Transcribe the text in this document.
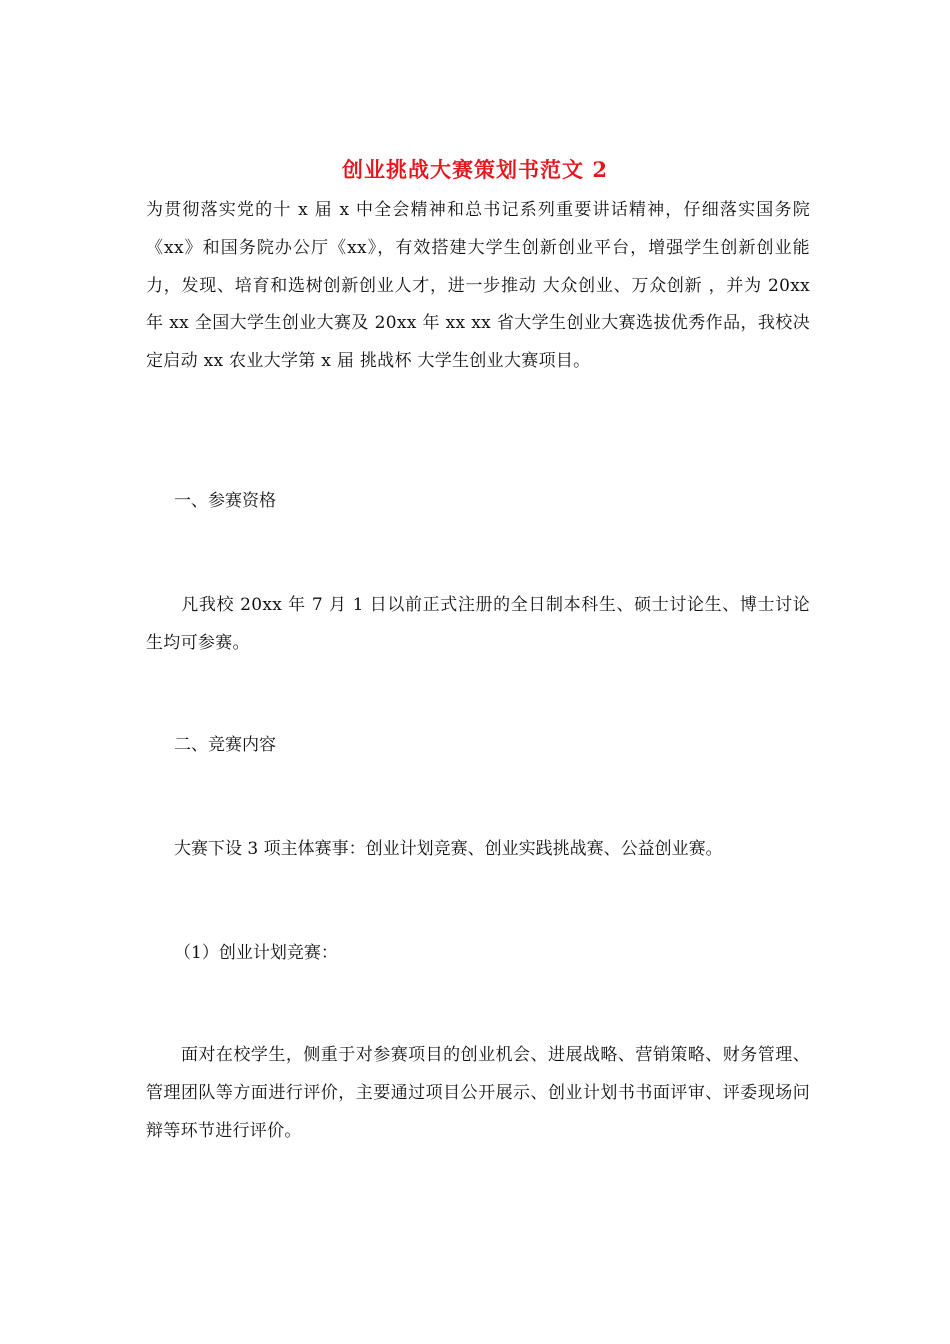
创业挑战大赛策划书范文 2

为贯彻落实党的十 x 届 x 中全会精神和总书记系列重要讲话精神，仔细落实国务院《xx》和国务院办公厅《xx》，有效搭建大学生创新创业平台，增强学生创新创业能力，发现、培育和选树创新创业人才，进一步推动 大众创业、万众创新 ，并为 20xx 年 xx 全国大学生创业大赛及 20xx 年 xx xx 省大学生创业大赛选拔优秀作品，我校决定启动 xx 农业大学第 x 届 挑战杯 大学生创业大赛项目。

一、参赛资格

　　凡我校 20xx 年 7 月 1 日以前正式注册的全日制本科生、硕士讨论生、博士讨论生均可参赛。

二、竞赛内容

大赛下设 3 项主体赛事：创业计划竞赛、创业实践挑战赛、公益创业赛。

（1）创业计划竞赛：

　　面对在校学生，侧重于对参赛项目的创业机会、进展战略、营销策略、财务管理、管理团队等方面进行评价，主要通过项目公开展示、创业计划书书面评审、评委现场问辩等环节进行评价。
